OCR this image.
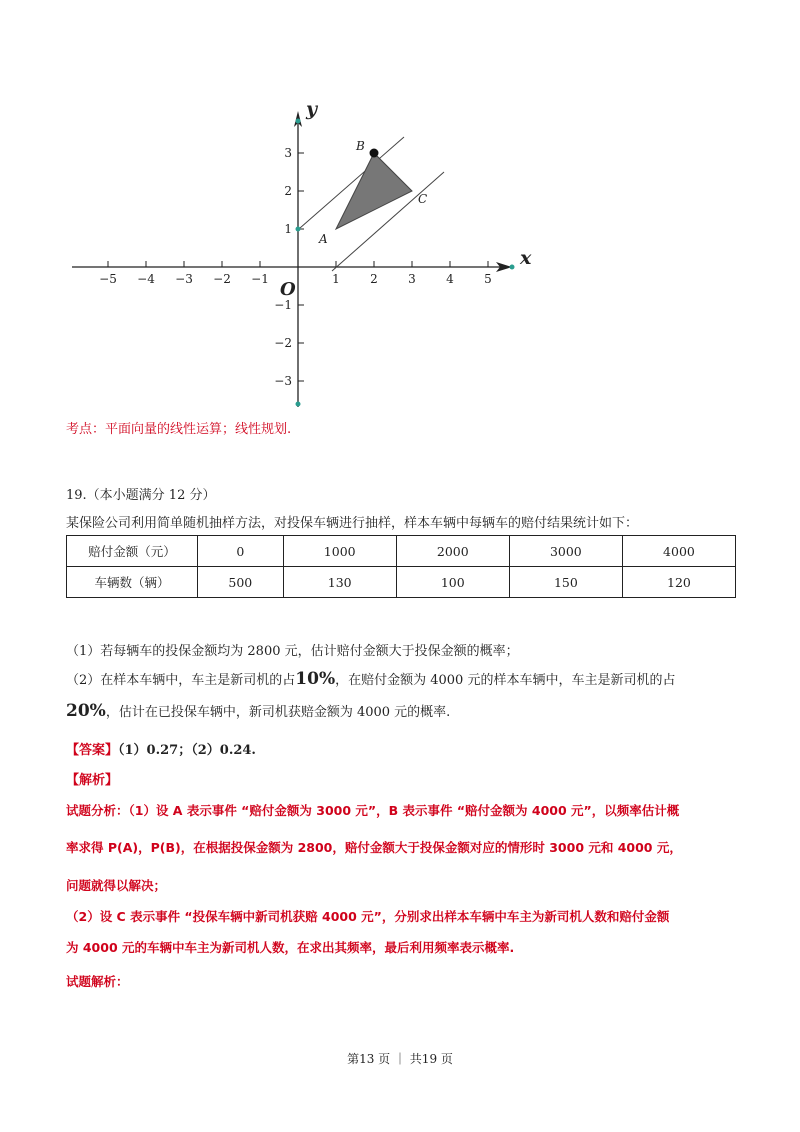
−5 −4 −3 −2 −1	1	2	3	4	5
3
2
1
−1
−2
−3
x
y
O
A
B
C
考点：平面向量的线性运算；线性规划.
19.（本小题满分 12 分）
某保险公司利用简单随机抽样方法，对投保车辆进行抽样，样本车辆中每辆车的赔付结果统计如下：
赔付金额（元）	0	1000	2000	3000	4000
车辆数（辆）	500	130	100	150	120
（1）若每辆车的投保金额均为 2800 元，估计赔付金额大于投保金额的概率；
（2）在样本车辆中，车主是新司机的占10%，在赔付金额为 4000 元的样本车辆中，车主是新司机的占
20%，估计在已投保车辆中，新司机获赔金额为 4000 元的概率.
【答案】（1）0.27；（2）0.24.
【解析】
试题分析：（1）设 A 表示事件 “赔付金额为 3000 元”，B 表示事件 “赔付金额为 4000 元”，以频率估计概
率求得 P(A)，P(B)，在根据投保金额为 2800，赔付金额大于投保金额对应的情形时 3000 元和 4000 元，
问题就得以解决；
（2）设 C 表示事件 “投保车辆中新司机获赔 4000 元”，分别求出样本车辆中车主为新司机人数和赔付金额
为 4000 元的车辆中车主为新司机人数，在求出其频率，最后利用频率表示概率.
试题解析：
第13 页 ｜ 共19 页
